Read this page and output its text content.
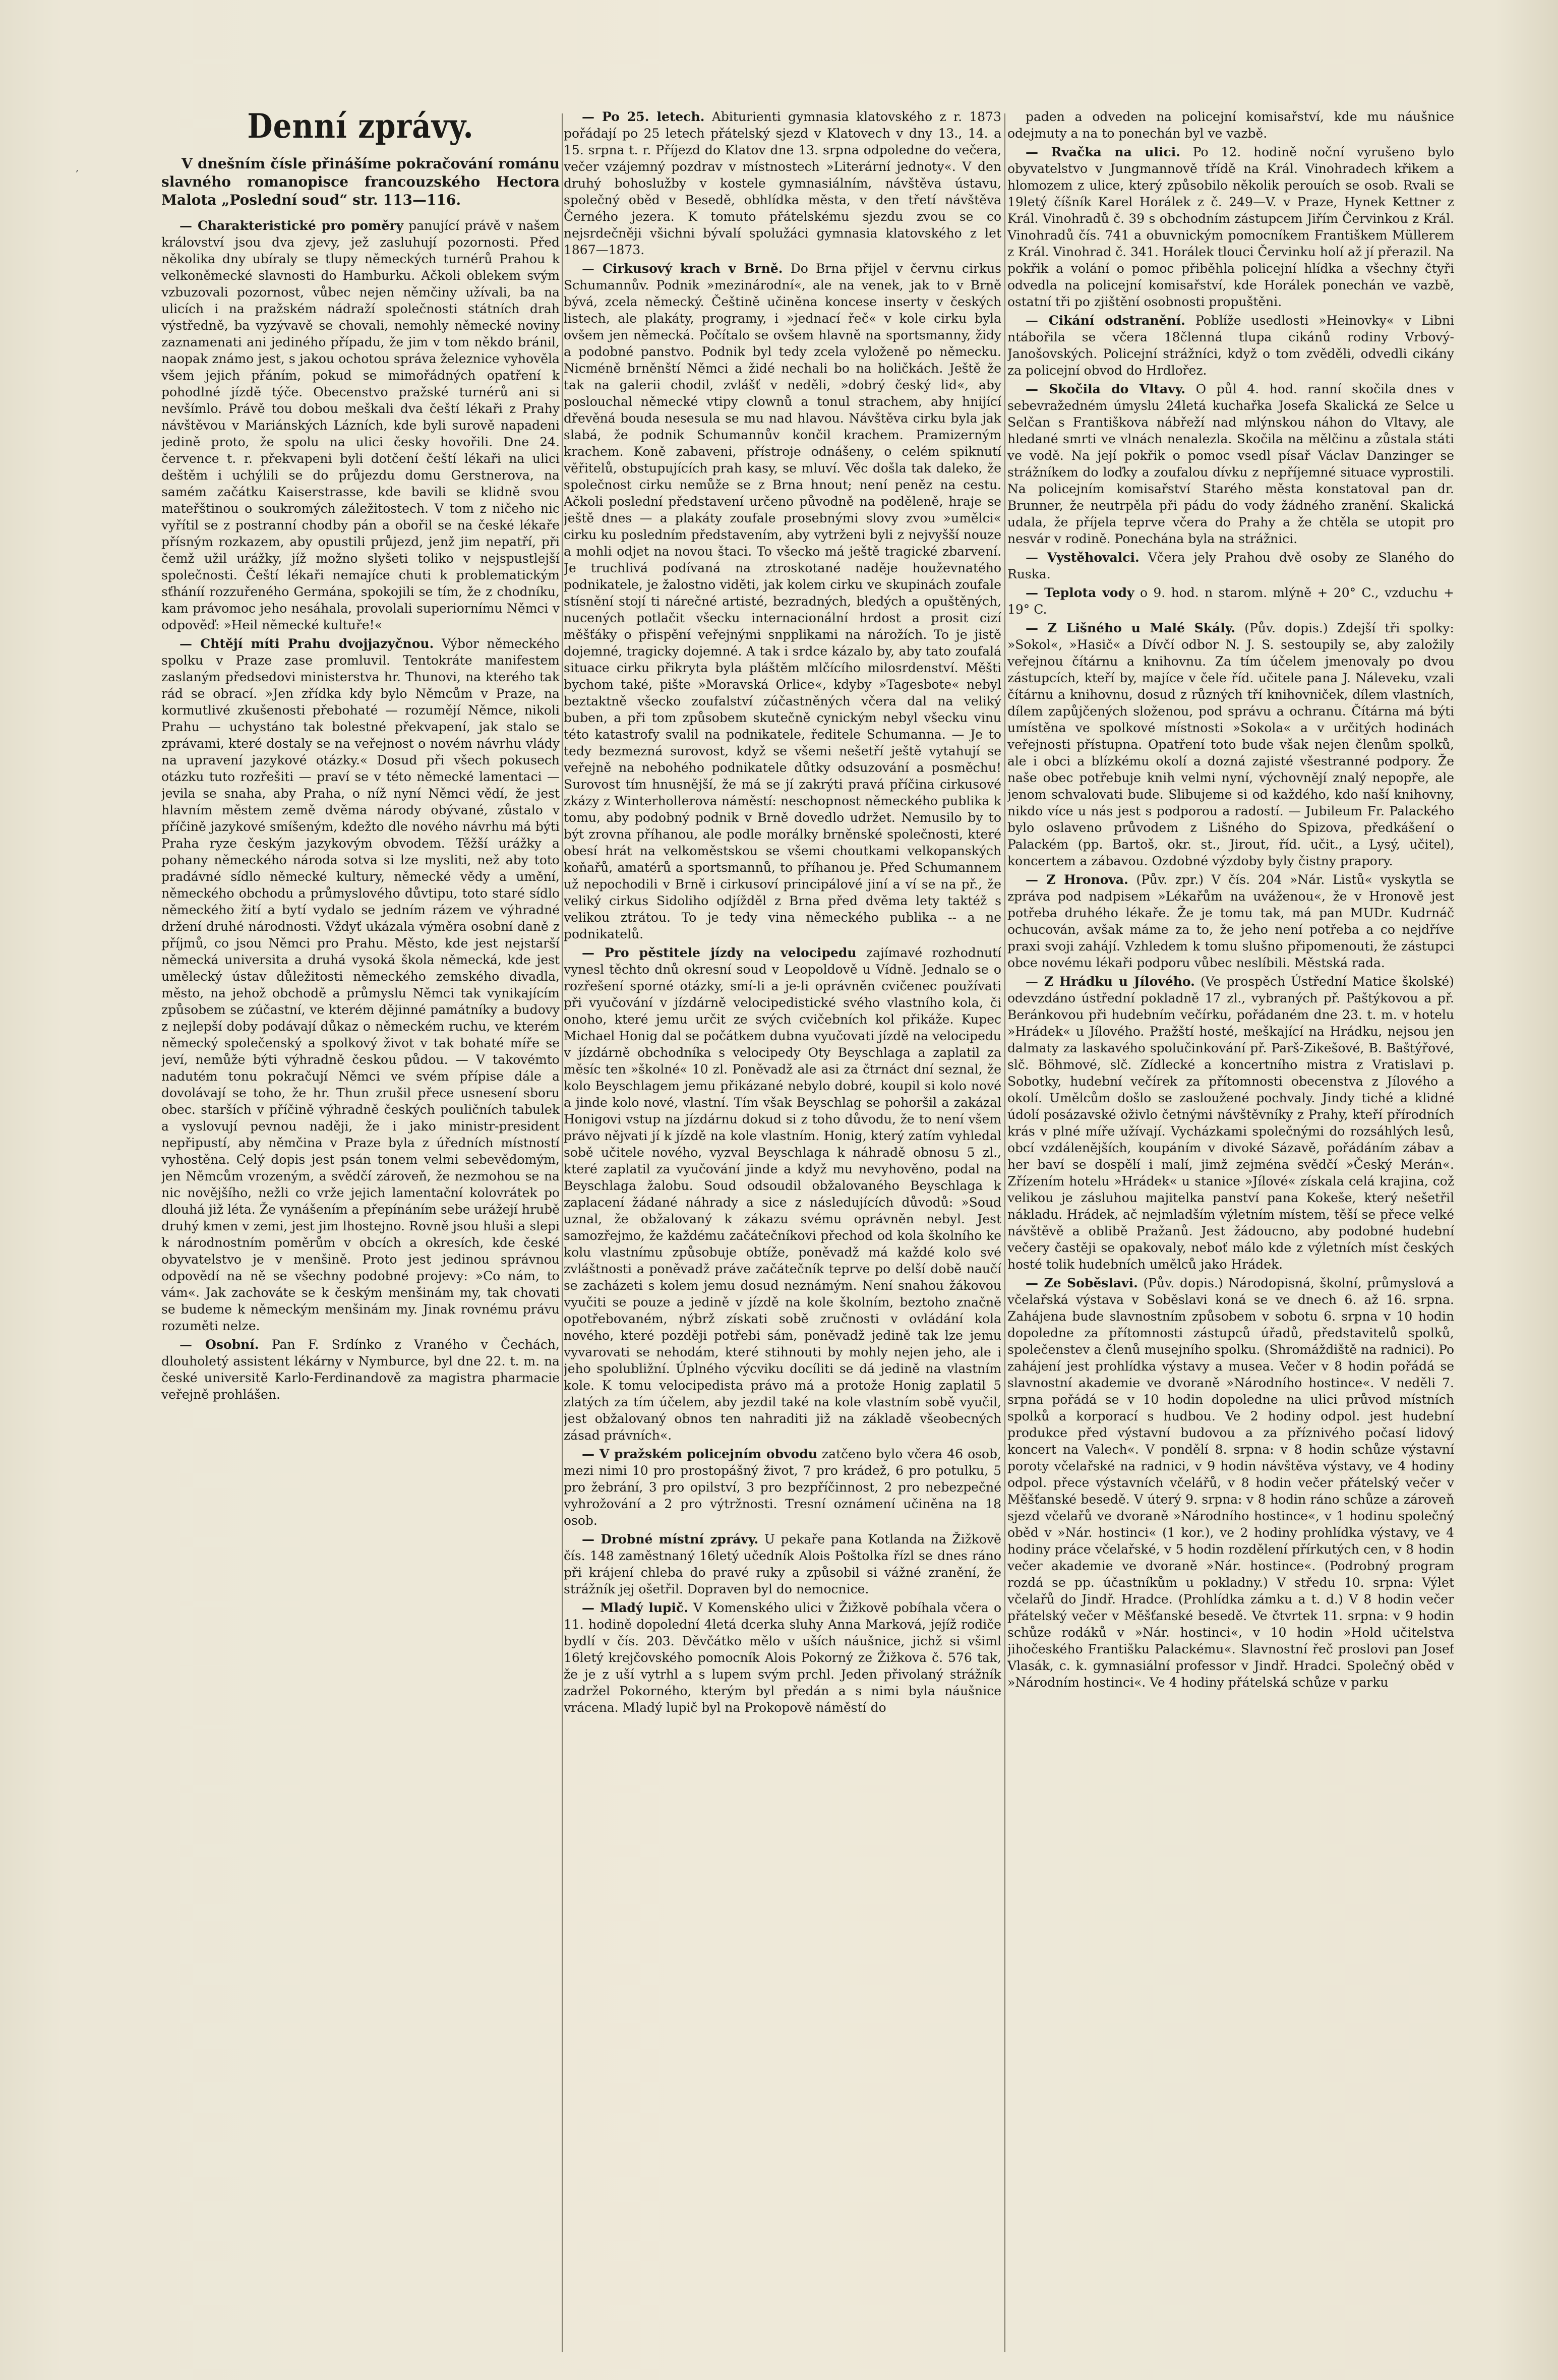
,
Denní zprávy.

V dnešním čísle přinášíme pokračování románu slavného romanopisce francouzského Hectora Malota „Poslední soud“ str. 113—116.

— Charakteristické pro poměry panující právě v našem království jsou dva zjevy, jež zasluhují pozornosti. Před několika dny ubíraly se tlupy německých turnérů Prahou k velkoněmecké slavnosti do Hamburku. Ačkoli oblekem svým vzbuzovali pozornost, vůbec nejen němčiny užívali, ba na ulicích i na pražském nádraží společnosti státních drah výstředně, ba vyzývavě se chovali, nemohly německé noviny zaznamenati ani jediného případu, že jim v tom někdo bránil, naopak známo jest, s jakou ochotou správa železnice vyhověla všem jejich přáním, pokud se mimořádných opatření k pohodlné jízdě týče. Obecenstvo pražské turnérů ani si nevšímlo. Právě tou dobou meškali dva čeští lékaři z Prahy návštěvou v Mariánských Lázních, kde byli surově napadeni jedině proto, že spolu na ulici česky hovořili. Dne 24. července t. r. překvapeni byli dotčení čeští lékaři na ulici deštěm i uchýlili se do průjezdu domu Gerstnerova, na samém začátku Kaiserstrasse, kde bavili se klidně svou mateřštinou o soukromých záležitostech. V tom z ničeho nic vyřítil se z postranní chodby pán a obořil se na české lékaře přísným rozkazem, aby opustili průjezd, jenž jim nepatří, při čemž užil urážky, jíž možno slyšeti toliko v nejspustlejší společnosti. Čeští lékaři nemajíce chuti k problematickým sťháníí rozzuřeného Germána, spokojili se tím, že z chodníku, kam právomoc jeho nesáhala, provolali superiornímu Němci v odpověď: »Heil německé kultuře!«

— Chtějí míti Prahu dvojjazyčnou. Výbor německého spolku v Praze zase promluvil. Tentokráte manifestem zaslaným předsedovi ministerstva hr. Thunovi, na kteréhо tak rád se obrací. »Jen zřídka kdy bylo Němcům v Praze, na kormutlivé zkušenosti přebohaté — rozumějí Němce, nikoli Prahu — uchystáno tak bolestné překvapení, jak stalo se zprávami, které dostaly se na veřejnost o novém návrhu vlády na upravení jazykové otázky.« Dosud při všech pokusech otázku tuto rozřešiti — praví se v této německé lamentaci — jevila se snaha, aby Praha, o níž nyní Němci vědí, že jest hlavním městem země dvěma národy obývané, zůstalo v příčině jazykové smíšeným, kdežto dle nového návrhu má býti Praha ryze českým jazykovým obvodem. Těžší urážky a pohany německého národa sotva si lze mysliti, než aby toto pradávné sídlo německé kultury, německé vědy a umění, německého obchodu a průmyslového důvtipu, toto staré sídlo německého žití a bytí vydalo se jedním rázem ve výhradné držení druhé národnosti. Vždyť ukázala výměra osobní daně z příjmů, co jsou Němci pro Prahu. Město, kde jest nejstarší německá universita a druhá vysoká škola německá, kde jest umělecký ústav důležitosti německého zemského divadla, město, na jehož obchodě a průmyslu Němci tak vynikajícím způsobem se zúčastní, ve kterém dějinné památníky a budovy z nejlepší doby podávají důkaz o německém ruchu, ve kterém německý společenský a spolkový život v tak bohaté míře se jeví, nemůže býti výhradně českou půdou. — V takovémto nadutém tonu pokračují Němci ve svém přípise dále a dovolávají se toho, že hr. Thun zrušil přece usnesení sboru obec. starších v příčině výhradně českých pouličních tabulek a vyslovují pevnou naději, že i jako ministr-president nepřipustí, aby němčina v Praze byla z úředních místností vyhostěna. Celý dopis jest psán tonem velmi sebevědomým, jen Němcům vrozeným, a svědčí zároveň, že nezmohou se na nic novějšího, nežli co vrže jejich lamentační kolovrátek po dlouhá již léta. Že vynášením a přepínáním sebe urážejí hrubě druhý kmen v zemi, jest jim lhostejno. Rovně jsou hluši a slepi k národnostním poměrům v obcích a okresích, kde české obyvatelstvo je v menšině. Proto jest jedinou správnou odpovědí na ně se všechny podobné projevy: »Co nám, to vám«. Jak zachováte se k českým menšinám my, tak chovati se budeme k německým menšinám my. Jinak rovnému právu rozuměti nelze.

— Osobní. Pan F. Srdínko z Vraného v Čechách, dlouholetý assistent lékárny v Nymburce, byl dne 22. t. m. na české universitě Karlo-Ferdinandově za magistra pharmacie veřejně prohlášen.

— Po 25. letech. Abiturienti gymnasia klatovského z r. 1873 pořádají po 25 letech přátelský sjezd v Klatovech v dny 13., 14. a 15. srpna t. r. Příjezd do Klatov dne 13. srpna odpoledne do večera, večer vzájemný pozdrav v místnostech »Literární jednoty«. V den druhý bohoslužby v kostele gymnasiálním, návštěva ústavu, společný oběd v Besedě, obhlídka města, v den třetí návštěva Černého jezera. K tomuto přátelskému sjezdu zvou se co nejsrdečněji všichni bývalí spolužáci gymnasia klatovského z let 1867—1873.

— Cirkusový krach v Brně. Do Brna přijel v červnu cirkus Schumannův. Podnik »mezinárodní«, ale na venek, jak to v Brně bývá, zcela německý. Češtině učiněna koncese inserty v českých listech, ale plakáty, programy, i »jednací řeč« v kole cirku byla ovšem jen německá. Počítalo se ovšem hlavně na sportsmanny, židy a podobné panstvo. Podnik byl tedy zcela vyloženě po německu. Nicméně brněnští Němci a židé nechali bo na holičkách. Ještě že tak na galerii chodil, zvlášť v neděli, »dobrý český lid«, aby poslouchal německé vtipy clownů a tonul strachem, aby hnijící dřevěná bouda nesesula se mu nad hlavou. Návštěva cirku byla jak slabá, že podnik Schumannův končil krachem. Pramizerným krachem. Koně zabaveni, přístroje odnášeny, o celém spiknutí věřitelů, obstupujících prah kasy, se mluví. Věc došla tak daleko, že společnost cirku nemůže se z Brna hnout; není peněz na cestu. Ačkoli poslední představení určeno původně na poděleně, hraje se ještě dnes — a plakáty zoufale prosebnými slovy zvou »umělci« cirku ku posledním představením, aby vytrženi byli z nejvyšší nouze a mohli odjet na novou štaci. To všecko má ještě tragické zbarvení. Je truchlivá podívaná na ztroskotané naděje houževnatého podnikatele, je žalostno viděti, jak kolem cirku ve skupinách zoufale stísnění stojí ti nárečné artisté, bezradných, bledých a opuštěných, nucených potlačit všecku internacionální hrdost a prosit cizí měšťáky o přispění veřejnými snpplikami na nárožích. To je jistě dojemné, tragicky dojemné. A tak i srdce kázalo by, aby tato zoufalá situace cirku přikryta byla pláštěm mlčícího milosrdenství. Měšti bychom také, pište »Moravská Orlice«, kdyby »Tagesbote« nebyl beztaktně všecko zoufalství zúčastněných včera dal na veliký buben, a při tom způsobem skutečně cynickým nebyl všecku vinu této katastrofy svalil na podnikatele, ředitele Schumanna. — Je to tedy bezmezná surovost, když se všemi nešetří ještě vytahují se veřejně na nebohého podnikatele důtky odsuzování a posměchu! Surovost tím hnusnější, že má se jí zakrýti pravá příčina cirkusové zkázy z Winterhollerova náměstí: neschopnost německého publika k tomu, aby podobný podnik v Brně dovedlo udržet. Nemusilo by to být zrovna příhanou, ale podle morálky brněnské společnosti, které obesí hrát na velkoměstskou se všemi choutkami velkopanských koňařů, amatérů a sportsmannů, to příhanou je. Před Schumannem už nepochodili v Brně i cirkusoví principálové jiní a ví se na př., že veliký cirkus Sidoliho odjížděl z Brna před dvěma lety taktéž s velikou ztrátou. To je tedy vina německého publika -- a ne podnikatelů.

— Pro pěstitele jízdy na velocipedu zajímavé rozhodnutí vynesl těchto dnů okresní soud v Leopoldově u Vídně. Jednalo se o rozřešení sporné otázky, smí-li a je-li oprávněn cvičenec používati při vyučování v jízdárně velocipedistické svého vlastního kola, či onoho, které jemu určit ze svých cvičebních kol přikáže. Kupec Michael Honig dal se počátkem dubna vyučovati jízdě na velocipedu v jízdárně obchodníka s velocipedy Oty Beyschlaga a zaplatil za měsíc ten »školné« 10 zl. Poněvadž ale asi za čtrnáct dní seznal, že kolo Beyschlagem jemu přikázané nebylo dobré, koupil si kolo nové a jinde kolo nové, vlastní. Tím však Beyschlag se pohoršil a zakázal Honigovi vstup na jízdárnu dokud si z toho důvodu, že to není všem právo nějvati jí k jízdě na kole vlastním. Honig, který zatím vyhledal sobě učitele nového, vyzval Beyschlaga k náhradě obnosu 5 zl., které zaplatil za vyučování jinde a když mu nevyhověno, podal na Beyschlaga žalobu. Soud odsoudil obžalovaného Beyschlaga k zaplacení žádané náhrady a sice z následujících důvodů: »Soud uznal, že obžalovaný k zákazu svému oprávněn nebyl. Jest samozřejmo, že každému začátečníkovi přechod od kola školního ke kolu vlastnímu způsobuje obtíže, poněvadž má každé kolo své zvláštnosti a poněvadž práve začátečník teprve po delší době naučí se zacházeti s kolem jemu dosud neznámým. Není snahou žákovou vyučiti se pouze a jedině v jízdě na kole školním, beztoho značně opotřebovaném, nýbrž získati sobě zručnosti v ovládání kola nového, které později potřebi sám, poněvadž jedině tak lze jemu vyvarovati se nehodám, které stihnouti by mohly nejen jeho, ale i jeho spolubližní. Úplného výcviku docíliti se dá jedině na vlastním kole. K tomu velocipedista právo má a protože Honig zaplatil 5 zlatých za tím účelem, aby jezdil také na kole vlastním sobě vyučil, jest obžalovaný obnos ten nahraditi již na základě všeobecných zásad právních«.

— V pražském policejním obvodu zatčeno bylo včera 46 osob, mezi nimi 10 pro prostopášný život, 7 pro krádež, 6 pro potulku, 5 pro žebrání, 3 pro opilství, 3 pro bezpříčinnost, 2 pro nebezpečné vyhrožování a 2 pro výtržnosti. Tresní oznámení učiněna na 18 osob.

— Drobné místní zprávy. U pekaře pana Kotlanda na Žižkově čís. 148 zaměstnaný 16letý učedník Alois Poštolka řízl se dnes ráno při krájení chleba do pravé ruky a způsobil si vážné zranění, že strážník jej ošetřil. Dopraven byl do nemocnice.

— Mladý lupič. V Komenského ulici v Žižkově pobíhala včera o 11. hodině dopolední 4letá dcerka sluhy Anna Marková, jejíž rodiče bydlí v čís. 203. Děvčátko mělo v uších náušnice, jichž si všiml 16letý krejčovského pomocník Alois Pokorný ze Žižkova č. 576 tak, že je z uší vytrhl a s lupem svým prchl. Jeden přivolaný strážník zadržel Pokorného, kterým byl předán a s nimi byla náušnice vrácena. Mladý lupič byl na Prokopově náměstí do

paden a odveden na policejní komisařství, kde mu náušnice odejmuty a na to ponechán byl ve vazbě.

— Rvačka na ulici. Po 12. hodině noční vyrušeno bylo obyvatelstvo v Jungmannově třídě na Král. Vinohradech křikem a hlomozem z ulice, který způsobilo několik perouích se osob. Rvali se 19letý číšník Karel Horálek z č. 249—V. v Praze, Hynek Kettner z Král. Vinohradů č. 39 s obchodním zástupcem Jiřím Červinkou z Král. Vinohradů čís. 741 a obuvnickým pomocníkem Františkem Müllerem z Král. Vinohrad č. 341. Horálek tlouci Červinku holí až jí přerazil. Na pokřik a volání o pomoc přiběhla policejní hlídka a všechny čtyři odvedla na policejní komisařství, kde Horálek ponechán ve vazbě, ostatní tři po zjištění osobnosti propuštěni.

— Cikání odstranění. Poblíže usedlosti »Heinovky« v Libni ntábořila se včera 18členná tlupa cikánů rodiny Vrbový-Janošovských. Policejní strážníci, když o tom zvěděli, odvedli cikány za policejní obvod do Hrdlořez.

— Skočila do Vltavy. O půl 4. hod. ranní skočila dnes v sebevražedném úmyslu 24letá kuchařka Josefa Skalická ze Selce u Selčan s Františkova nábřeží nad mlýnskou náhon do Vltavy, ale hledané smrti ve vlnách nenalezla. Skočila na mělčinu a zůstala státi ve vodě. Na její pokřik o pomoc vsedl písař Václav Danzinger se strážníkem do loďky a zoufalou dívku z nepříjemné situace vyprostili. Na policejním komisařství Starého města konstatoval pan dr. Brunner, že neutrpěla při pádu do vody žádného zranění. Skalická udala, že příjela teprve včera do Prahy a že chtěla se utopit pro nesvár v rodině. Ponechána byla na strážnici.

— Vystěhovalci. Včera jely Prahou dvě osoby ze Slaného do Ruska.

— Teplota vody o 9. hod. n starom. mlýně + 20° C., vzduchu + 19° C.

— Z Lišného u Malé Skály. (Pův. dopis.) Zdejší tři spolky: »Sokol«, »Hasič« a Dívčí odbor N. J. S. sestoupily se, aby založily veřejnou čítárnu a knihovnu. Za tím účelem jmenovaly po dvou zástupcích, kteří by, majíce v čele říd. učitele pana J. Náleveku, vzali čítárnu a knihovnu, dosud z různých tří knihovniček, dílem vlastních, dílem zapůjčených složenou, pod správu a ochranu. Čítárna má býti umístěna ve spolkové místnosti »Sokola« a v určitých hodinách veřejnosti přístupna. Opatření toto bude však nejen členům spolků, ale i obci a blízkému okolí a dozná zajisté všestranné podpory. Že naše obec potřebuje knih velmi nyní, výchovnějí znalý nepopře, ale jenom schvalovati bude. Slibujeme si od každého, kdo naší knihovny, nikdo více u nás jest s podporou a radostí. — Jubileum Fr. Palackého bylo oslaveno průvodem z Lišného do Spizova, předkášení o Palackém (pp. Bartoš, okr. st., Jirout, říd. učit., a Lysý, učitel), koncertem a zábavou. Ozdobné výzdoby byly čistny prapory.

— Z Hronova. (Pův. zpr.) V čís. 204 »Nár. Listů« vyskytla se zpráva pod nadpisem »Lékařům na uváženou«, že v Hronově jest potřeba druhého lékaře. Že je tomu tak, má pan MUDr. Kudrnáč ochucován, avšak máme za to, že jeho není potřeba a co nejdříve praxi svoji zahájí. Vzhledem k tomu slušno připomenouti, že zástupci obce novému lékaři podporu vůbec neslíbili. Městská rada.

— Z Hrádku u Jílového. (Ve prospěch Ústřední Matice školské) odevzdáno ústřední pokladně 17 zl., vybraných př. Paštýkovou a př. Beránkovou při hudebním večírku, pořádaném dne 23. t. m. v hotelu »Hrádek« u Jílového. Pražští hosté, meškající na Hrádku, nejsou jen dalmaty za laskavého spolučinkování př. Parš-Zikešové, B. Baštýřové, slč. Böhmové, slč. Zídlecké a koncertního mistra z Vratislavi p. Sobotky, hudební večírek za přítomnosti obecenstva z Jílového a okolí. Umělcům došlo se zasloužené pochvaly. Jindy tiché a klidné údolí posázavské oživlo četnými návštěvníky z Prahy, kteří přírodních krás v plné míře užívají. Vycházkami společnými do rozsáhlých lesů, obcí vzdálenějších, koupáním v divoké Sázavě, pořádáním zábav a her baví se dospělí i malí, jimž zejména svědčí »Český Merán«. Zřízením hotelu »Hrádek« u stanice »Jílové« získala celá krajina, což velikou je zásluhou majitelka panství pana Kokeše, který nešetřil nákladu. Hrádek, ač nejmladším výletním místem, těší se přece velké návštěvě a oblibě Pražanů. Jest žádoucno, aby podobné hudební večery častěji se opakovaly, neboť málo kde z výletních míst českých hosté tolik hudebních umělců jako Hrádek.

— Ze Soběslavi. (Pův. dopis.) Národopisná, školní, průmyslová a včelařská výstava v Soběslavi koná se ve dnech 6. až 16. srpna. Zahájena bude slavnostním způsobem v sobotu 6. srpna v 10 hodin dopoledne za přítomnosti zástupců úřadů, představitelů spolků, společenstev a členů musejního spolku. (Shromáždiště na radnici). Po zahájení jest prohlídka výstavy a musea. Večer v 8 hodin pořádá se slavnostní akademie ve dvoraně »Národního hostince«. V neděli 7. srpna pořádá se v 10 hodin dopoledne na ulici průvod místních spolků a korporací s hudbou. Ve 2 hodiny odpol. jest hudební produkce před výstavní budovou a za příznivého počasí lidový koncert na Valech«. V pondělí 8. srpna: v 8 hodin schůze výstavní poroty včelařské na radnici, v 9 hodin návštěva výstavy, ve 4 hodiny odpol. přece výstavních včelářů, v 8 hodin večer přátelský večer v Měšťanské besedě. V úterý 9. srpna: v 8 hodin ráno schůze a zároveň sjezd včelařů ve dvoraně »Národního hostince«, v 1 hodinu společný oběd v »Nár. hostinci« (1 kor.), ve 2 hodiny prohlídka výstavy, ve 4 hodiny práce včelařské, v 5 hodin rozdělení přírkutých cen, v 8 hodin večer akademie ve dvoraně »Nár. hostince«. (Podrobný program rozdá se pp. účastníkům u pokladny.) V středu 10. srpna: Výlet včelařů do Jindř. Hradce. (Prohlídka zámku a t. d.) V 8 hodin večer přátelský večer v Měšťanské besedě. Ve čtvrtek 11. srpna: v 9 hodin schůze rodáků v »Nár. hostinci«, v 10 hodin »Hold učitelstva jihočeského Františku Palackému«. Slavnostní řeč proslovi pan Josef Vlasák, c. k. gymnasiální professor v Jindř. Hradci. Společný oběd v »Národním hostinci«. Ve 4 hodiny přátelská schůze v parku
